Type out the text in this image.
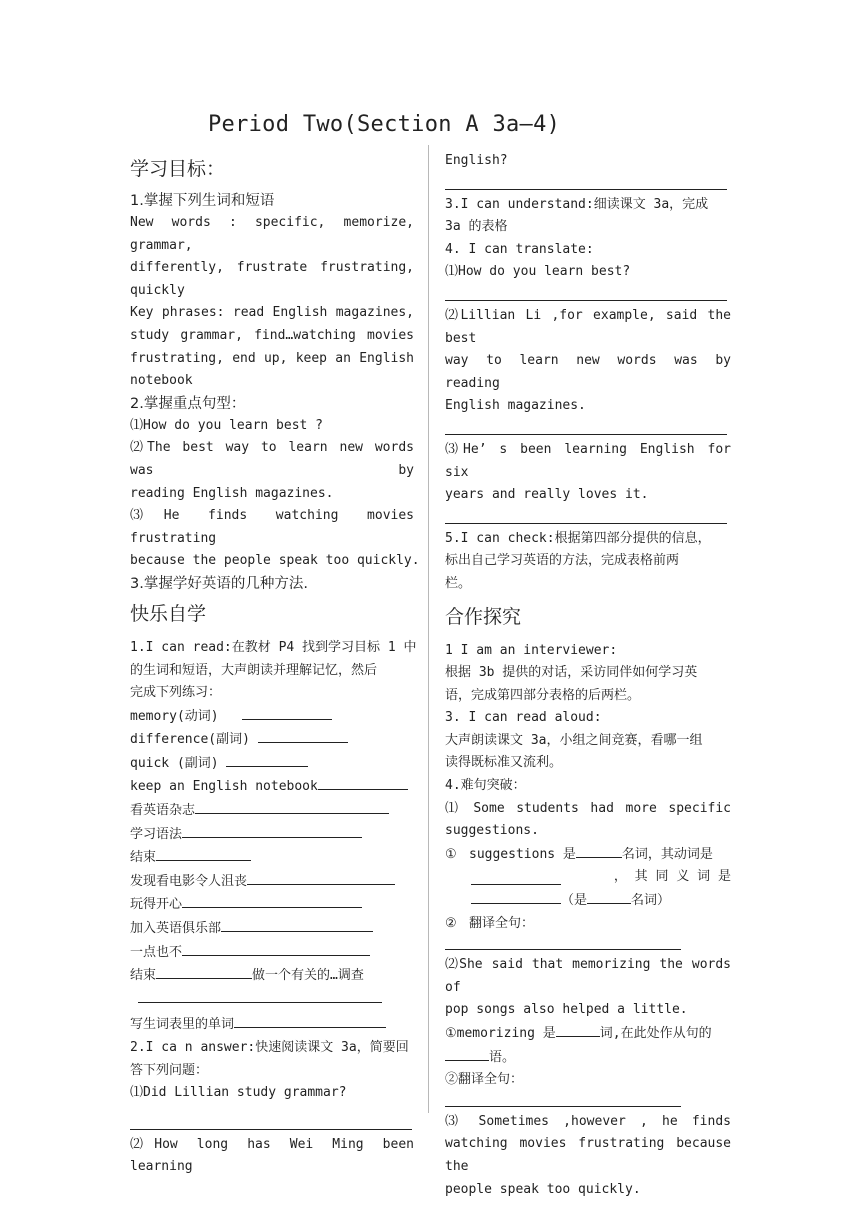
Period Two(Section A 3a—4)
学习目标：
1.掌握下列生词和短语
New words : specific, memorize, grammar,
differently, frustrate frustrating,
quickly
Key phrases: read English magazines,
study grammar, find…watching movies
frustrating, end up, keep an English
notebook
2.掌握重点句型：
⑴How do you learn best ?
⑵The best way to learn new words was by
reading English magazines.
⑶He finds watching movies frustrating
because the people speak too quickly.
3.掌握学好英语的几种方法.
快乐自学
1.I can read:在教材 P4 找到学习目标 1 中
的生词和短语，大声朗读并理解记忆，然后
完成下列练习：
memory(动词)
difference(副词)
quick (副词)
keep an English notebook
看英语杂志
学习语法
结束
发现看电影令人沮丧
玩得开心
加入英语俱乐部
一点也不
结束	做一个有关的…调查
写生词表里的单词
2.I ca n answer:快速阅读课文 3a，简要回
答下列问题：
⑴Did Lillian study grammar?
⑵How long has Wei Ming been learning
English?
3.I can understand:细读课文 3a，完成
3a 的表格
4. I can translate:
⑴How do you learn best?
⑵Lillian Li ,for example, said the best
way to learn new words was by reading
English magazines.
⑶He’ s been learning English for six
years and really loves it.
5.I can check:根据第四部分提供的信息，
标出自己学习英语的方法，完成表格前两
栏。
合作探究
1 I am an interviewer:
根据 3b 提供的对话，采访同伴如何学习英
语，完成第四部分表格的后两栏。
3. I can read aloud:
大声朗读课文 3a，小组之间竞赛，看哪一组
读得既标准又流利。
4.难句突破：
⑴ Some students had more specific
suggestions.
① suggestions 是	名词，其动词是
， 其 同 义 词 是
（是	名词）
② 翻译全句：
⑵She said that memorizing the words of
pop songs also helped a little.
①memorizing 是	词,在此处作从句的
语。
②翻译全句：
⑶ Sometimes ,however , he finds
watching movies frustrating because the
people speak too quickly.
